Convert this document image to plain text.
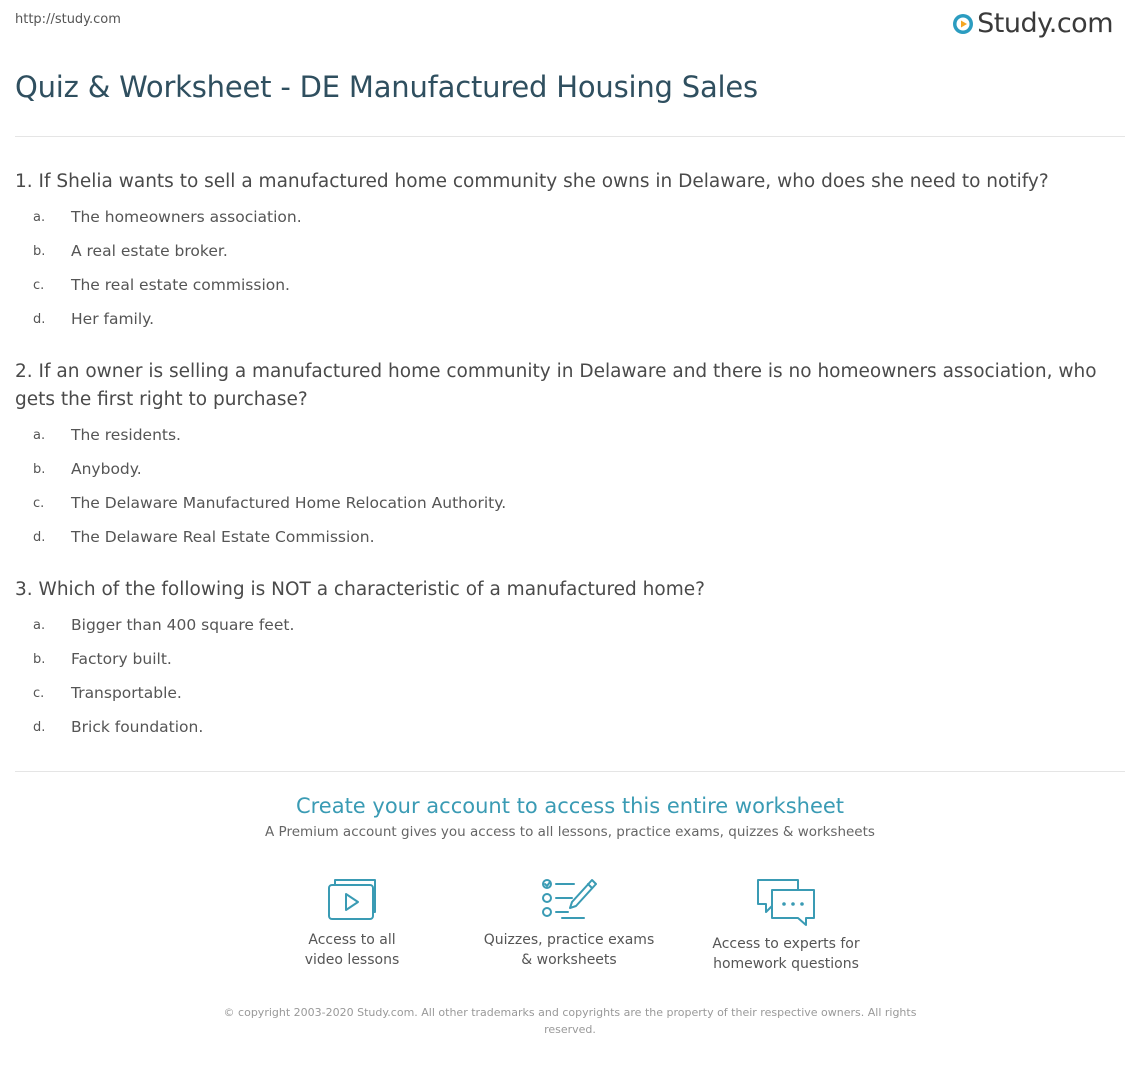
http://study.com	Study.com
Quiz & Worksheet - DE Manufactured Housing Sales

1. If Shelia wants to sell a manufactured home community she owns in Delaware, who does she need to notify?

a.	The homeowners association.
b.	A real estate broker.
c.	The real estate commission.
d.	Her family.

2. If an owner is selling a manufactured home community in Delaware and there is no homeowners association, who gets the first right to purchase?

a.	The residents.
b.	Anybody.
c.	The Delaware Manufactured Home Relocation Authority.
d.	The Delaware Real Estate Commission.

3. Which of the following is NOT a characteristic of a manufactured home?

a.	Bigger than 400 square feet.
b.	Factory built.
c.	Transportable.
d.	Brick foundation.
Create your account to access this entire worksheet
A Premium account gives you access to all lessons, practice exams, quizzes & worksheets
Access to all
video lessons
Quizzes, practice exams
& worksheets
Access to experts for
homework questions
© copyright 2003-2020 Study.com. All other trademarks and copyrights are the property of their respective owners. All rights reserved.
